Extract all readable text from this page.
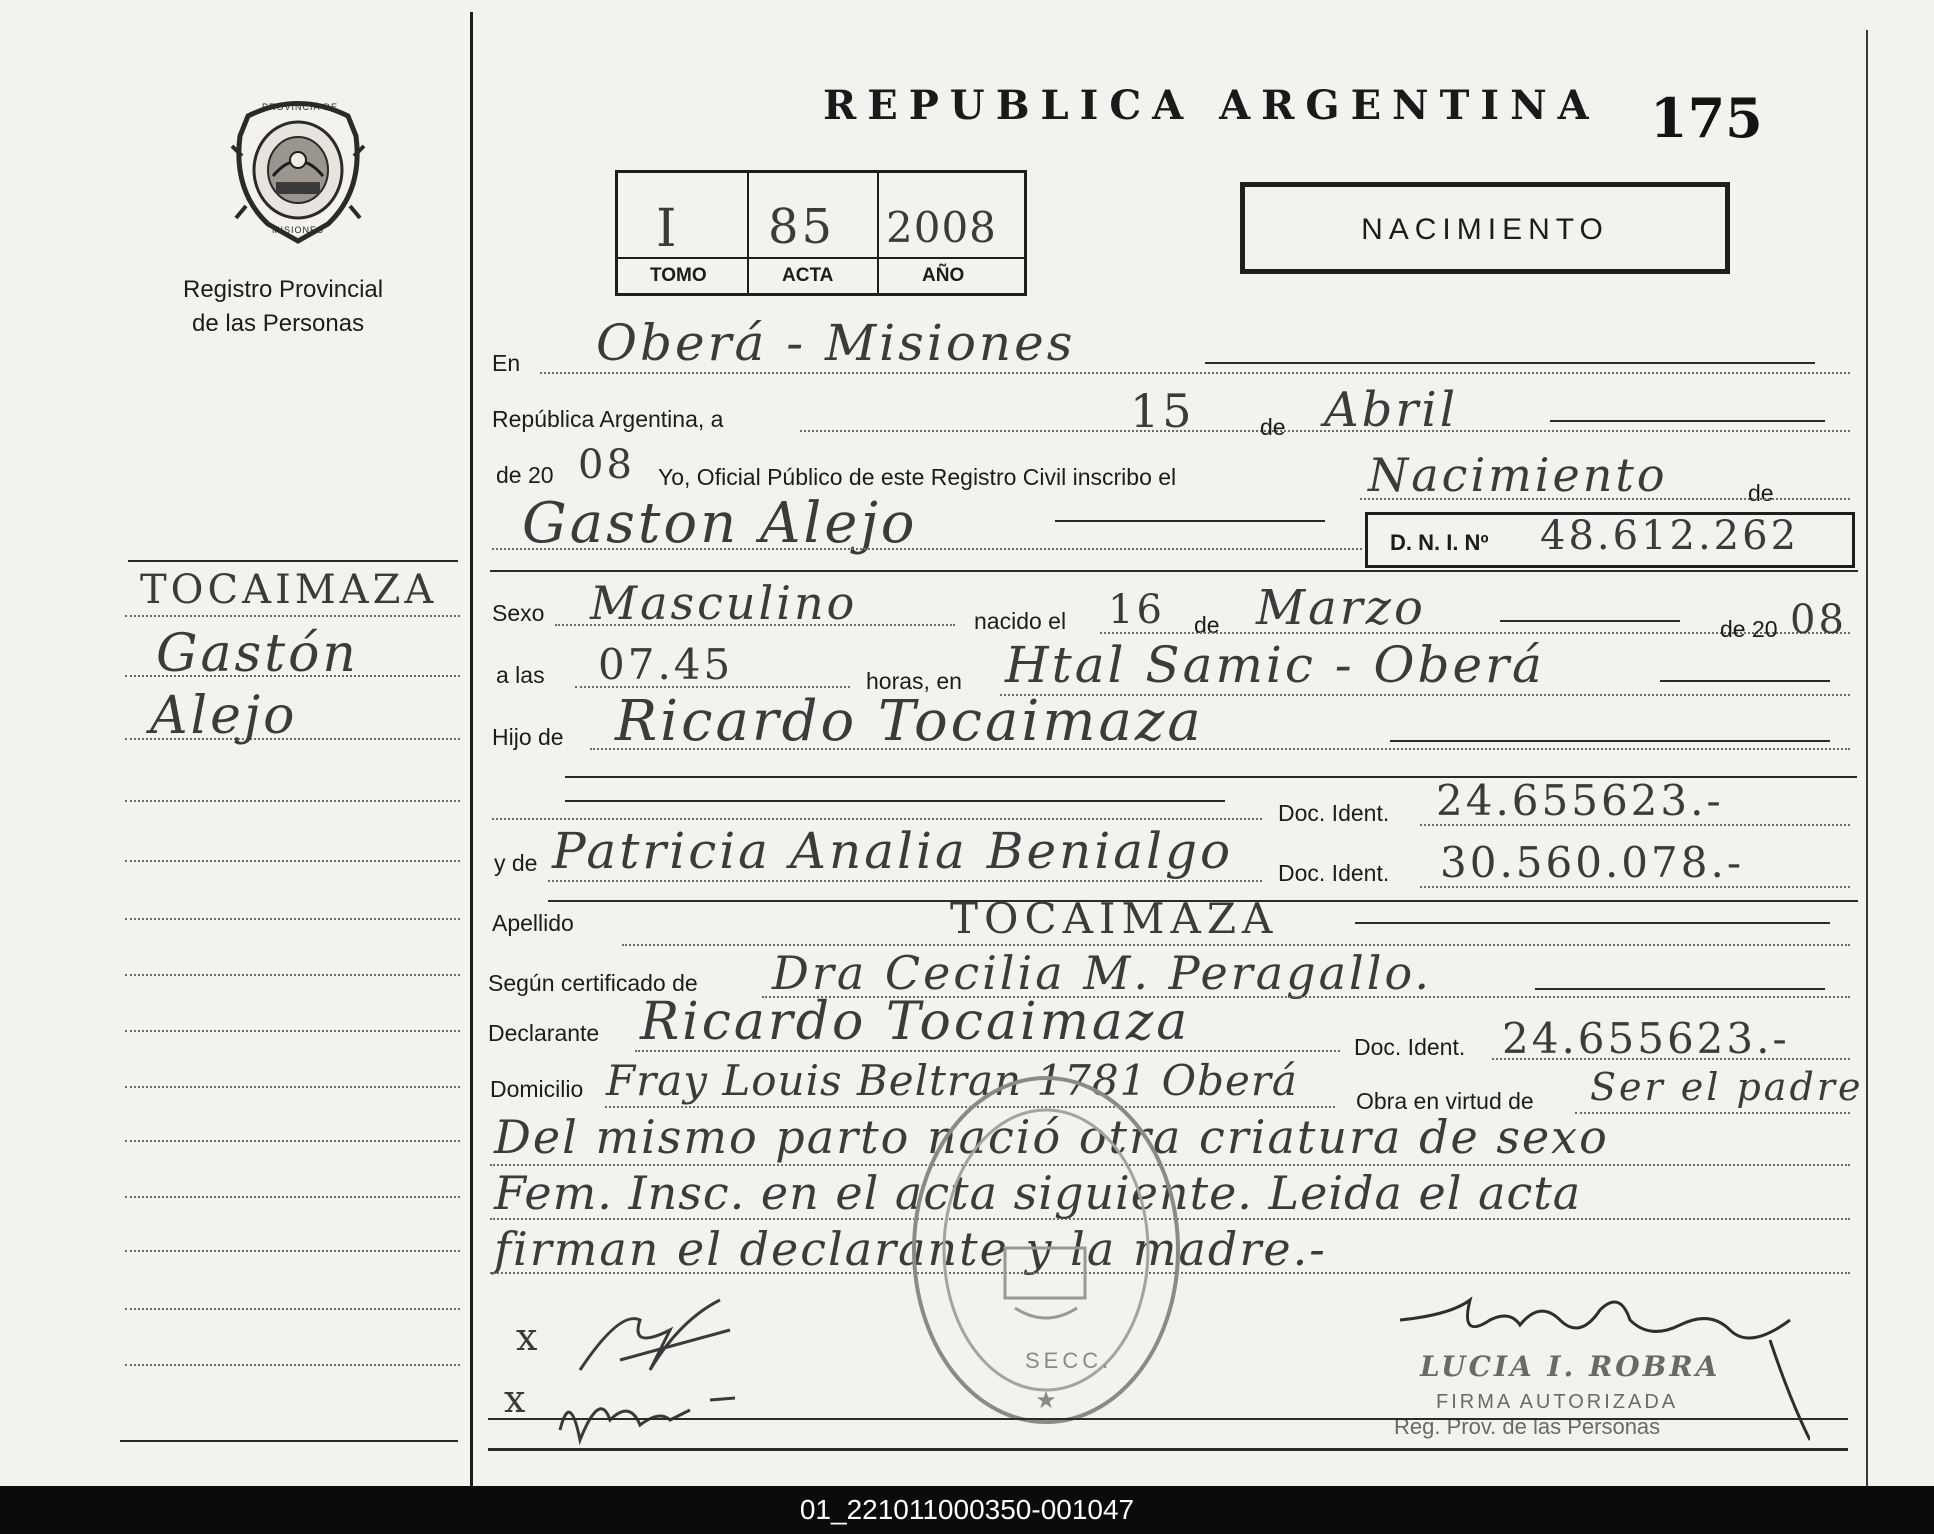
PROVINCIA DE
MISIONES
Registro Provincial
de las Personas
REPUBLICA ARGENTINA 175
I 85 2008
TOMO	ACTA	AÑO
NACIMIENTO
TOCAIMAZA
Gastón
Alejo
En Oberá - Misiones
República Argentina, a	15	de Abril
de 20 08 Yo, Oficial Público de este Registro Civil inscribo el	Nacimiento	de
Gaston Alejo	D. N. I. Nº 48.612.262
Sexo Masculino	nacido el 16 de Marzo	de 20 08
a las 07.45	horas, en Htal Samic - Oberá
Hijo de Ricardo Tocaimaza
Doc. Ident. 24.655623.-
y de Patricia Analia Benialgo Doc. Ident. 30.560.078.-
Apellido	TOCAIMAZA
Según certificado de Dra Cecilia M. Peragallo.
Declarante Ricardo Tocaimaza	Doc. Ident. 24.655623.-
Domicilio Fray Louis Beltran 1781 Oberá	Obra en virtud de Ser el padre
Del mismo parto nació otra criatura de sexo
Fem. Insc. en el acta siguiente. Leida el acta
firman el declarante y la madre.-
★
SECC.
x
x
LUCIA I. ROBRA
FIRMA AUTORIZADA
Reg. Prov. de las Personas
01_221011000350-001047
